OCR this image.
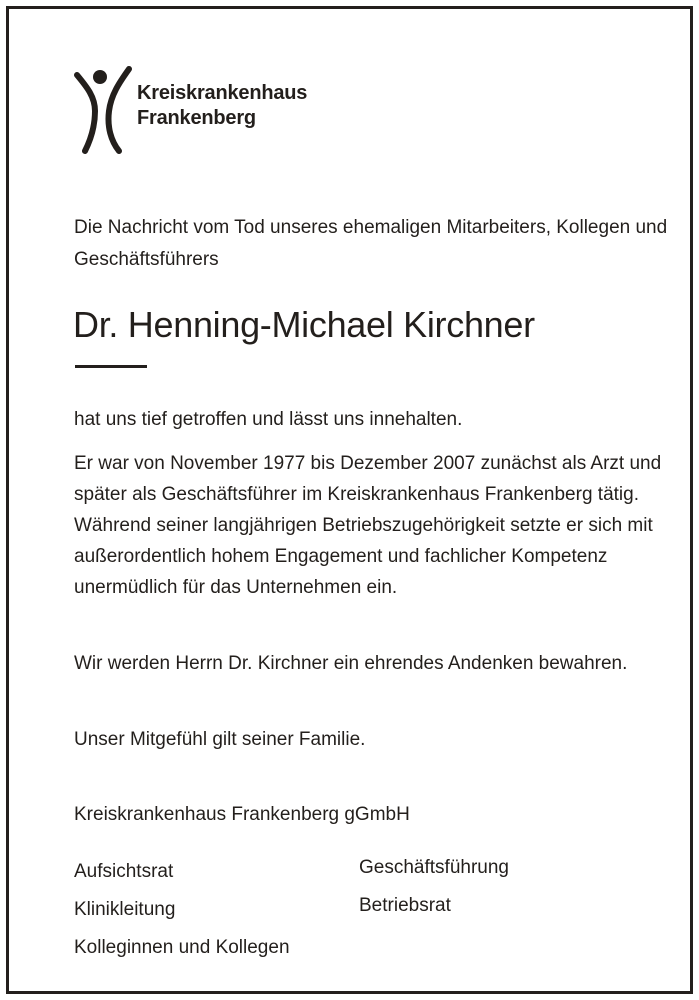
Kreiskrankenhaus
Frankenberg
Die Nachricht vom Tod unseres ehemaligen Mitarbeiters, Kollegen und Geschäftsführers
Dr. Henning-Michael Kirchner

hat uns tief getroffen und lässt uns innehalten.

Er war von November 1977 bis Dezember 2007 zunächst als Arzt und später als Geschäftsführer im Kreiskrankenhaus Frankenberg tätig. Während seiner langjährigen Betriebszugehörigkeit setzte er sich mit außerordentlich hohem Engagement und fachlicher Kompetenz unermüdlich für das Unternehmen ein.

Wir werden Herrn Dr. Kirchner ein ehrendes Andenken bewahren.

Unser Mitgefühl gilt seiner Familie.

Kreiskrankenhaus Frankenberg gGmbH
Aufsichtsrat
Klinikleitung
Kolleginnen und Kollegen
Geschäftsführung
Betriebsrat
